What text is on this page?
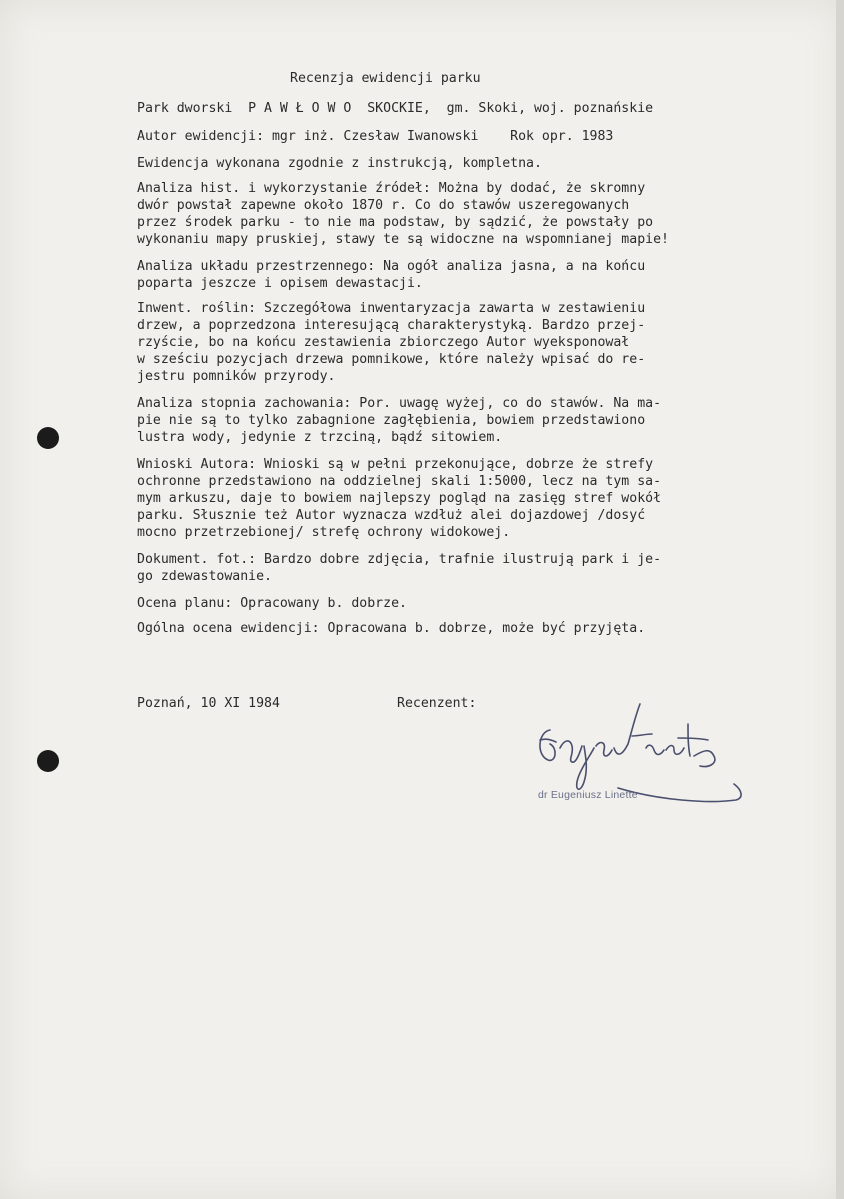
Recenzja ewidencji parku

Park dworski  P A W Ł O W O  SKOCKIE,  gm. Skoki, woj. poznańskie

Autor ewidencji: mgr inż. Czesław Iwanowski    Rok opr. 1983

Ewidencja wykonana zgodnie z instrukcją, kompletna.

Analiza hist. i wykorzystanie źródeł: Można by dodać, że skromny

dwór powstał zapewne około 1870 r. Co do stawów uszeregowanych

przez środek parku - to nie ma podstaw, by sądzić, że powstały po

wykonaniu mapy pruskiej, stawy te są widoczne na wspomnianej mapie!

Analiza układu przestrzennego: Na ogół analiza jasna, a na końcu

poparta jeszcze i opisem dewastacji.

Inwent. roślin: Szczegółowa inwentaryzacja zawarta w zestawieniu

drzew, a poprzedzona interesującą charakterystyką. Bardzo przej-

rzyście, bo na końcu zestawienia zbiorczego Autor wyeksponował

w sześciu pozycjach drzewa pomnikowe, które należy wpisać do re-

jestru pomników przyrody.

Analiza stopnia zachowania: Por. uwagę wyżej, co do stawów. Na ma-

pie nie są to tylko zabagnione zagłębienia, bowiem przedstawiono

lustra wody, jedynie z trzciną, bądź sitowiem.

Wnioski Autora: Wnioski są w pełni przekonujące, dobrze że strefy

ochronne przedstawiono na oddzielnej skali 1:5000, lecz na tym sa-

mym arkuszu, daje to bowiem najlepszy pogląd na zasięg stref wokół

parku. Słusznie też Autor wyznacza wzdłuż alei dojazdowej /dosyć

mocno przetrzebionej/ strefę ochrony widokowej.

Dokument. fot.: Bardzo dobre zdjęcia, trafnie ilustrują park i je-

go zdewastowanie.

Ocena planu: Opracowany b. dobrze.

Ogólna ocena ewidencji: Opracowana b. dobrze, może być przyjęta.

Poznań, 10 XI 1984	Recenzent:

dr Eugeniusz Linette
